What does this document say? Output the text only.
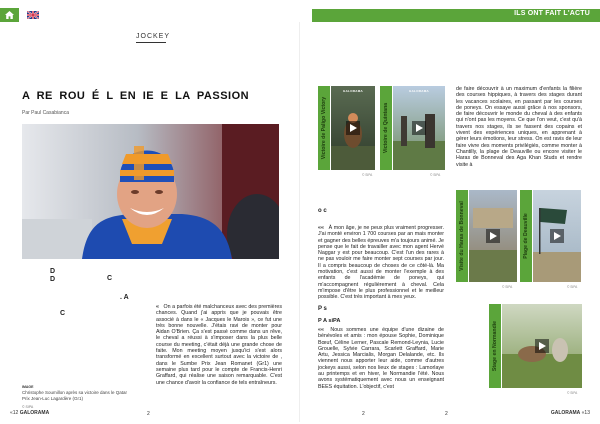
ILS ONT FAIT L'ACTU
JOCKEY
A RE ROU É L EN IE E LA PASSION
Par Paul Casabianca
D
C
D
. A
C
IMAGE
Christophe Soumillon après sa victoire dans le Qatar Prix Jean-Luc Lagardère (Gr1)
© SIPA
« On a parfois été malchanceux avec des premières chances. Quand j'ai appris que je pouvais être associé à dans le « Jacques le Marois », ce fut une très bonne nouvelle. J'étais ravi de monter pour Aidan O'Brien. Ça s'est passé comme dans un rêve, le cheval a réussi à s'imposer dans la plus belle course du meeting, c'était déjà une grande chose de faite. Mon meeting moyen jusqu'ici s'est alors transformé en excellent surtout avec la victoire de , dans le Sumbe Prix Jean Romanet (Gr1) une semaine plus tard pour le compte de Francis-Henri Graffard, qui réalise une saison remarquable. C'est une chance d'avoir la confiance de tels entraîneurs.
o c
«« À mon âge, je ne peux plus vraiment progresser. J'ai monté environ 1 700 courses par an mais monter et gagner des belles épreuves m'a toujours animé. Je pense que le fait de travailler avec mon agent Hervé Naggar y est pour beaucoup. C'est l'un des rares à ne pas vouloir me faire monter sept courses par jour. Il a compris beaucoup de choses de ce côté-là. Ma motivation, c'est aussi de monter l'exemple à des enfants de l'académie de poneys, qui m'accompagnent régulièrement à cheval. Cela m'impose d'être le plus professionnel et le meilleur possible. C'est très important à mes yeux.
P s
P A siPA
«« Nous sommes une équipe d'une dizaine de bénévoles et amis : mon épouse Sophie, Dominique Bœuf, Céline Lerner, Pascale Remond-Leynia, Lucie Grouelle, Sylvie Carrara, Scarlett Graffard, Marie Artu, Jessica Marcialis, Morgan Delalande, etc. Ils viennent nous apporter leur aide, comme d'autres jockeys aussi, selon nos lieux de stages : Lamorlaye au printemps et en hiver, le Normandie l'été. Nous avons systématiquement avec nous un enseignant BEES équitation. L'objectif, c'est
de faire découvrir à un maximum d'enfants la filière des courses hippiques, à travers des stages durant les vacances scolaires, en passant par les courses de poneys. On essaye aussi grâce à nos sponsors, de faire découvrir le monde du cheval à des enfants qui n'ont pas les moyens. Ce que l'on veut, c'est qu'à travers nos stages, ils se fassent des copains et vivent des expériences uniques, en apprenant à gérer leurs émotions, leur stress. On est ravis de leur faire vivre des moments privilégiés, comme monter à Chantilly, la plage de Deauville ou encore visiter le Haras de Bonneval des Aga Khan Studs et rendre visite à
Victoire de Paligo Victory
GALORAMA
© SIPA
Victoire de Quintana
GALORAMA
© SIPA
Visite du Haras de Bonneval
© SIPA
Plage de Deauville
© SIPA
Stage en Normandie
© SIPA
«12 GALORAMA	2	2	2	GALORAMA «13
